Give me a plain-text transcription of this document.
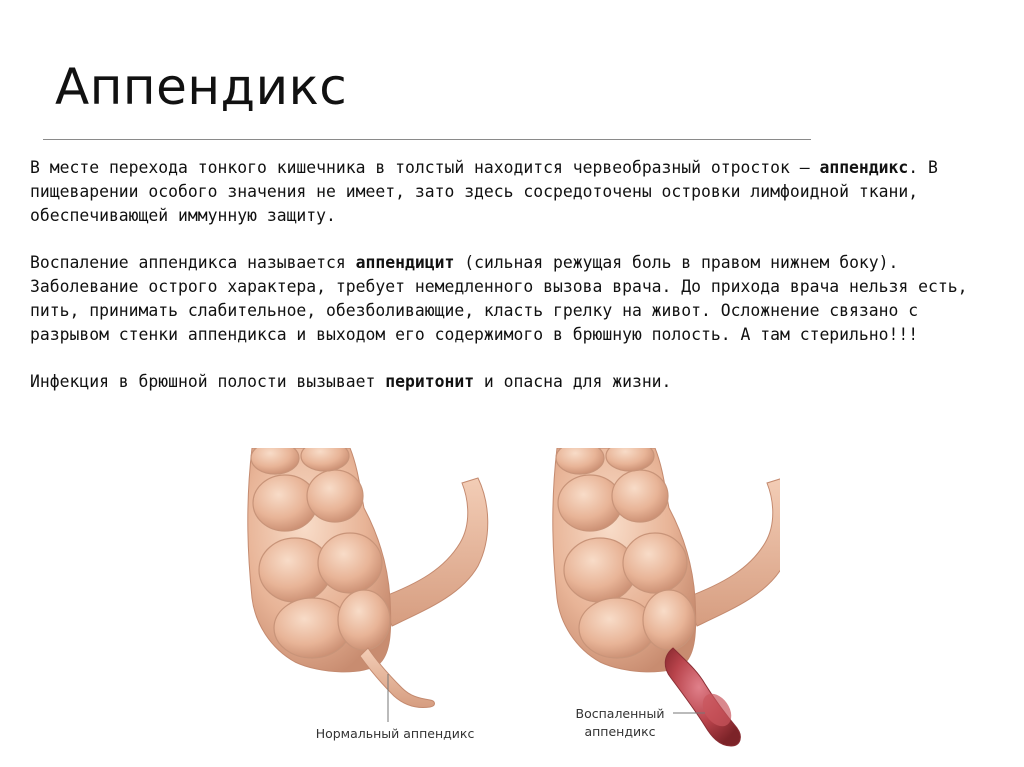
Аппендикс

В месте перехода тонкого кишечника в толстый находится червеобразный отросток – аппендикс. В пищеварении особого значения не имеет, зато здесь сосредоточены островки лимфоидной ткани, обеспечивающей иммунную защиту.

Воспаление аппендикса называется аппендицит (сильная режущая боль в правом нижнем боку). Заболевание острого характера, требует немедленного вызова врача. До прихода врача нельзя есть, пить, принимать слабительное, обезболивающие, класть грелку на живот. Осложнение связано с разрывом стенки аппендикса и выходом его содержимого в брюшную полость. А там стерильно!!!

Инфекция в брюшной полости вызывает перитонит и опасна для жизни.

Нормальный аппендикс
Воспаленный
аппендикс
